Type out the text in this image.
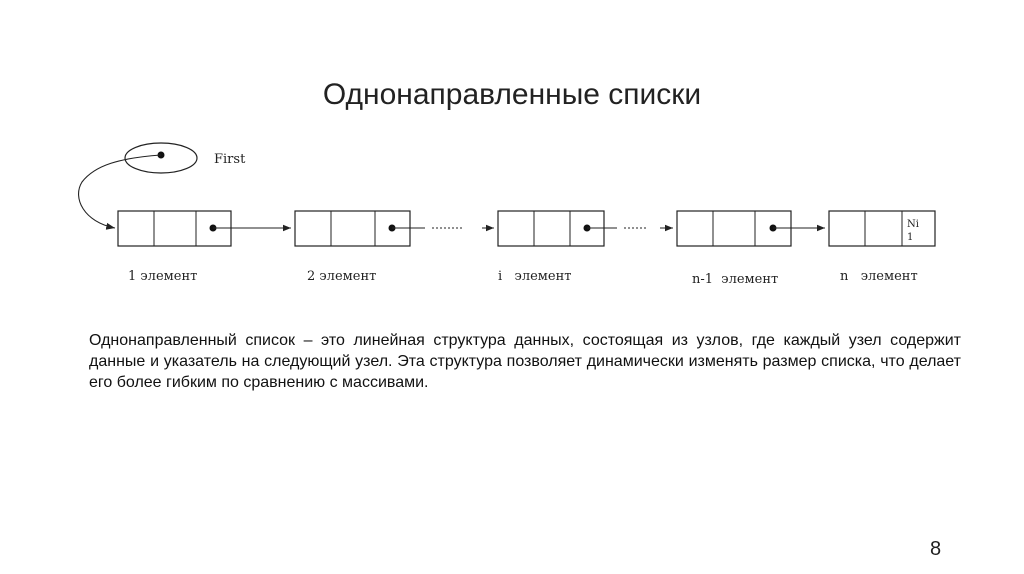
Однонаправленные списки
First
Ni
1
1 элемент	2 элемент	i   элемент	n-1  элемент	n   элемент
Однонаправленный список – это линейная структура данных, состоящая из узлов, где каждый узел содержит данные и указатель на следующий узел. Эта структура позволяет динамически изменять размер списка, что делает его более гибким по сравнению с массивами.
8
